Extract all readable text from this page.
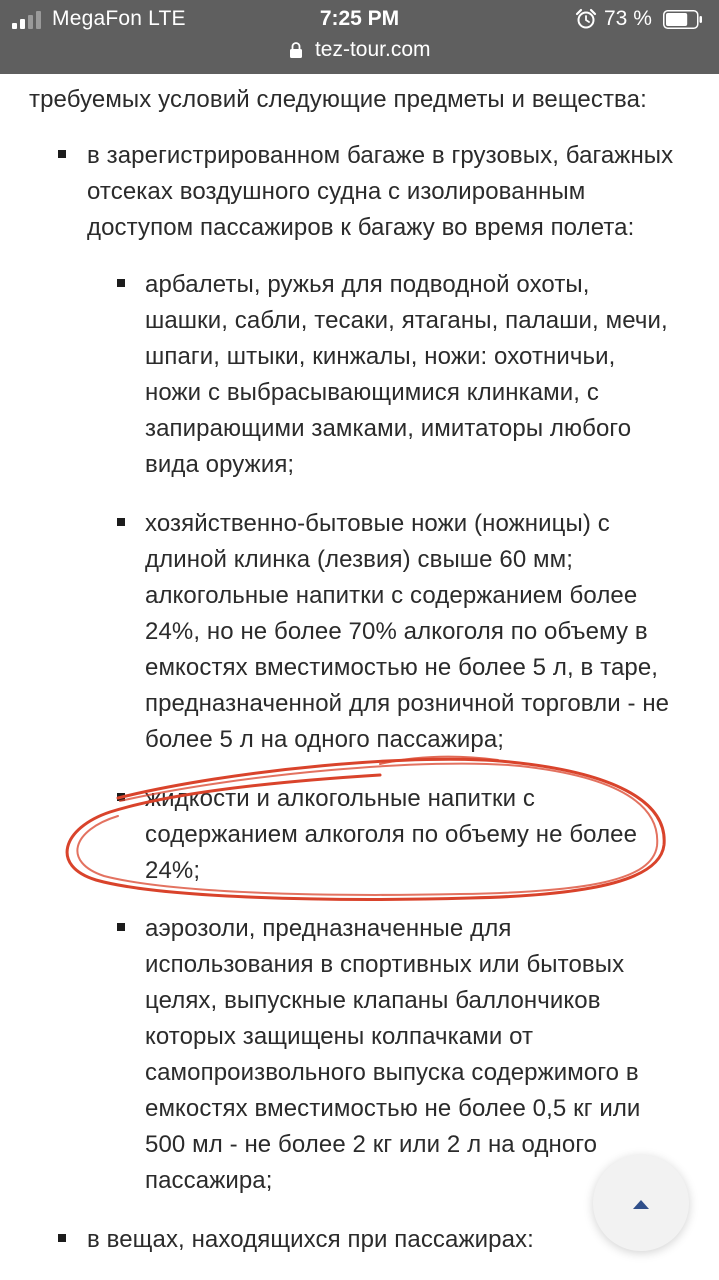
MegaFon LTE	7:25 PM	73 %
tez-tour.com
требуемых условий следующие предметы и вещества:
в зарегистрированном багаже в грузовых, багажных
отсеках воздушного судна с изолированным
доступом пассажиров к багажу во время полета:
арбалеты, ружья для подводной охоты,
шашки, сабли, тесаки, ятаганы, палаши, мечи,
шпаги, штыки, кинжалы, ножи: охотничьи,
ножи с выбрасывающимися клинками, с
запирающими замками, имитаторы любого
вида оружия;
хозяйственно-бытовые ножи (ножницы) с
длиной клинка (лезвия) свыше 60 мм;
алкогольные напитки с содержанием более
24%, но не более 70% алкоголя по объему в
емкостях вместимостью не более 5 л, в таре,
предназначенной для розничной торговли - не
более 5 л на одного пассажира;
жидкости и алкогольные напитки с
содержанием алкоголя по объему не более
24%;
аэрозоли, предназначенные для
использования в спортивных или бытовых
целях, выпускные клапаны баллончиков
которых защищены колпачками от
самопроизвольного выпуска содержимого в
емкостях вместимостью не более 0,5 кг или
500 мл - не более 2 кг или 2 л на одного
пассажира;
в вещах, находящихся при пассажирах:
